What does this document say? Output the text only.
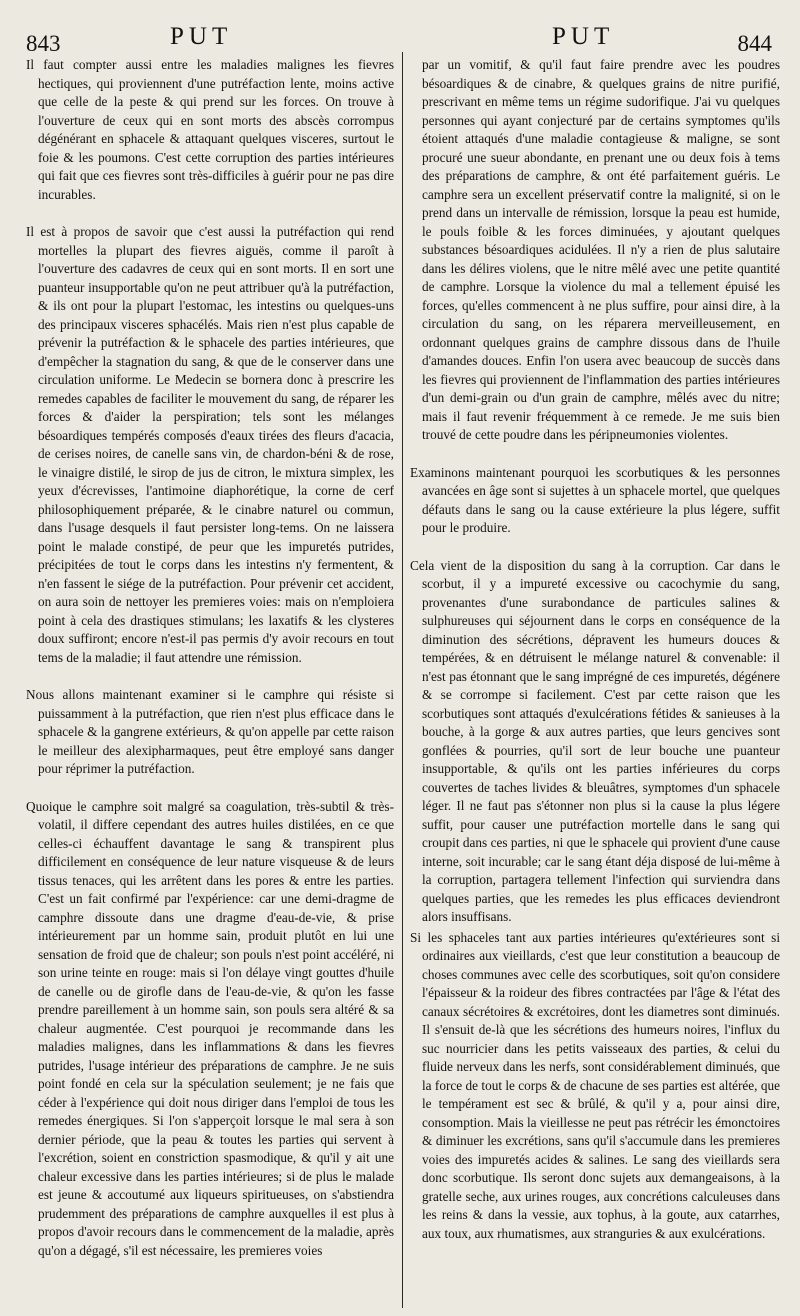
843	PUT	PUT	844

Il faut compter aussi entre les maladies malignes les fievres hectiques, qui proviennent d'une putréfaction lente, moins active que celle de la peste & qui prend sur les forces. On trouve à l'ouverture de ceux qui en sont morts des abscès corrompus dégénérant en sphacele & attaquant quelques visceres, surtout le foie & les poumons. C'est cette corruption des parties intérieures qui fait que ces fievres sont très-difficiles à guérir pour ne pas dire incurables.

Il est à propos de savoir que c'est aussi la putréfaction qui rend mortelles la plupart des fievres aiguës, comme il paroît à l'ouverture des cadavres de ceux qui en sont morts. Il en sort une puanteur insupportable qu'on ne peut attribuer qu'à la putréfaction, & ils ont pour la plupart l'estomac, les intestins ou quelques-uns des principaux visceres sphacélés. Mais rien n'est plus capable de prévenir la putréfaction & le sphacele des parties intérieures, que d'empêcher la stagnation du sang, & que de le conserver dans une circulation uniforme. Le Medecin se bornera donc à prescrire les remedes capables de faciliter le mouvement du sang, de réparer les forces & d'aider la perspiration; tels sont les mélanges bésoardiques tempérés composés d'eaux tirées des fleurs d'acacia, de cerises noires, de canelle sans vin, de chardon-béni & de rose, le vinaigre distilé, le sirop de jus de citron, le mixtura simplex, les yeux d'écrevisses, l'antimoine diaphorétique, la corne de cerf philosophiquement préparée, & le cinabre naturel ou commun, dans l'usage desquels il faut persister long-tems. On ne laissera point le malade constipé, de peur que les impuretés putrides, précipitées de tout le corps dans les intestins n'y fermentent, & n'en fassent le siége de la putréfaction. Pour prévenir cet accident, on aura soin de nettoyer les premieres voies: mais on n'emploiera point à cela des drastiques stimulans; les laxatifs & les clysteres doux suffiront; encore n'est-il pas permis d'y avoir recours en tout tems de la maladie; il faut attendre une rémission.

Nous allons maintenant examiner si le camphre qui résiste si puissamment à la putréfaction, que rien n'est plus efficace dans le sphacele & la gangrene extérieurs, & qu'on appelle par cette raison le meilleur des alexipharmaques, peut être employé sans danger pour réprimer la putréfaction.

Quoique le camphre soit malgré sa coagulation, très-subtil & très-volatil, il differe cependant des autres huiles distilées, en ce que celles-ci échauffent davantage le sang & transpirent plus difficilement en conséquence de leur nature visqueuse & de leurs tissus tenaces, qui les arrêtent dans les pores & entre les parties. C'est un fait confirmé par l'expérience: car une demi-dragme de camphre dissoute dans une dragme d'eau-de-vie, & prise intérieurement par un homme sain, produit plutôt en lui une sensation de froid que de chaleur; son pouls n'est point accéléré, ni son urine teinte en rouge: mais si l'on délaye vingt gouttes d'huile de canelle ou de girofle dans de l'eau-de-vie, & qu'on les fasse prendre pareillement à un homme sain, son pouls sera altéré & sa chaleur augmentée. C'est pourquoi je recommande dans les maladies malignes, dans les inflammations & dans les fievres putrides, l'usage intérieur des préparations de camphre. Je ne suis point fondé en cela sur la spéculation seulement; je ne fais que céder à l'expérience qui doit nous diriger dans l'emploi de tous les remedes énergiques. Si l'on s'apperçoit lorsque le mal sera à son dernier période, que la peau & toutes les parties qui servent à l'excrétion, soient en constriction spasmodique, & qu'il y ait une chaleur excessive dans les parties intérieures; si de plus le malade est jeune & accoutumé aux liqueurs spiritueuses, on s'abstiendra prudemment des préparations de camphre auxquelles il est plus à propos d'avoir recours dans le commencement de la maladie, après qu'on a dégagé, s'il est nécessaire, les premieres voies

par un vomitif, & qu'il faut faire prendre avec les poudres bésoardiques & de cinabre, & quelques grains de nitre purifié, prescrivant en même tems un régime sudorifique. J'ai vu quelques personnes qui ayant conjecturé par de certains symptomes qu'ils étoient attaqués d'une maladie contagieuse & maligne, se sont procuré une sueur abondante, en prenant une ou deux fois à tems des préparations de camphre, & ont été parfaitement guéris. Le camphre sera un excellent préservatif contre la malignité, si on le prend dans un intervalle de rémission, lorsque la peau est humide, le pouls foible & les forces diminuées, y ajoutant quelques substances bésoardiques acidulées. Il n'y a rien de plus salutaire dans les délires violens, que le nitre mêlé avec une petite quantité de camphre. Lorsque la violence du mal a tellement épuisé les forces, qu'elles commencent à ne plus suffire, pour ainsi dire, à la circulation du sang, on les réparera merveilleusement, en ordonnant quelques grains de camphre dissous dans de l'huile d'amandes douces. Enfin l'on usera avec beaucoup de succès dans les fievres qui proviennent de l'inflammation des parties intérieures d'un demi-grain ou d'un grain de camphre, mêlés avec du nitre; mais il faut revenir fréquemment à ce remede. Je me suis bien trouvé de cette poudre dans les péripneumonies violentes.

Examinons maintenant pourquoi les scorbutiques & les personnes avancées en âge sont si sujettes à un sphacele mortel, que quelques défauts dans le sang ou la cause extérieure la plus légere, suffit pour le produire.

Cela vient de la disposition du sang à la corruption. Car dans le scorbut, il y a impureté excessive ou cacochymie du sang, provenantes d'une surabondance de particules salines & sulphureuses qui séjournent dans le corps en conséquence de la diminution des sécrétions, dépravent les humeurs douces & tempérées, & en détruisent le mélange naturel & convenable: il n'est pas étonnant que le sang imprégné de ces impuretés, dégénere & se corrompe si facilement. C'est par cette raison que les scorbutiques sont attaqués d'exulcérations fétides & sanieuses à la bouche, à la gorge & aux autres parties, que leurs gencives sont gonflées & pourries, qu'il sort de leur bouche une puanteur insupportable, & qu'ils ont les parties inférieures du corps couvertes de taches livides & bleuâtres, symptomes d'un sphacele léger. Il ne faut pas s'étonner non plus si la cause la plus légere suffit, pour causer une putréfaction mortelle dans le sang qui croupit dans ces parties, ni que le sphacele qui provient d'une cause interne, soit incurable; car le sang étant déja disposé de lui-même à la corruption, partagera tellement l'infection qui surviendra dans quelques parties, que les remedes les plus efficaces deviendront alors insuffisans.

Si les sphaceles tant aux parties intérieures qu'extérieures sont si ordinaires aux vieillards, c'est que leur constitution a beaucoup de choses communes avec celle des scorbutiques, soit qu'on considere l'épaisseur & la roideur des fibres contractées par l'âge & l'état des canaux sécrétoires & excrétoires, dont les diametres sont diminués. Il s'ensuit de-là que les sécrétions des humeurs noires, l'influx du suc nourricier dans les petits vaisseaux des parties, & celui du fluide nerveux dans les nerfs, sont considérablement diminués, que la force de tout le corps & de chacune de ses parties est altérée, que le tempérament est sec & brûlé, & qu'il y a, pour ainsi dire, consomption. Mais la vieillesse ne peut pas rétrécir les émonctoires & diminuer les excrétions, sans qu'il s'accumule dans les premieres voies des impuretés acides & salines. Le sang des vieillards sera donc scorbutique. Ils seront donc sujets aux demangeaisons, à la gratelle seche, aux urines rouges, aux concrétions calculeuses dans les reins & dans la vessie, aux tophus, à la goute, aux catarrhes, aux toux, aux rhumatismes, aux stranguries & aux exulcérations.
